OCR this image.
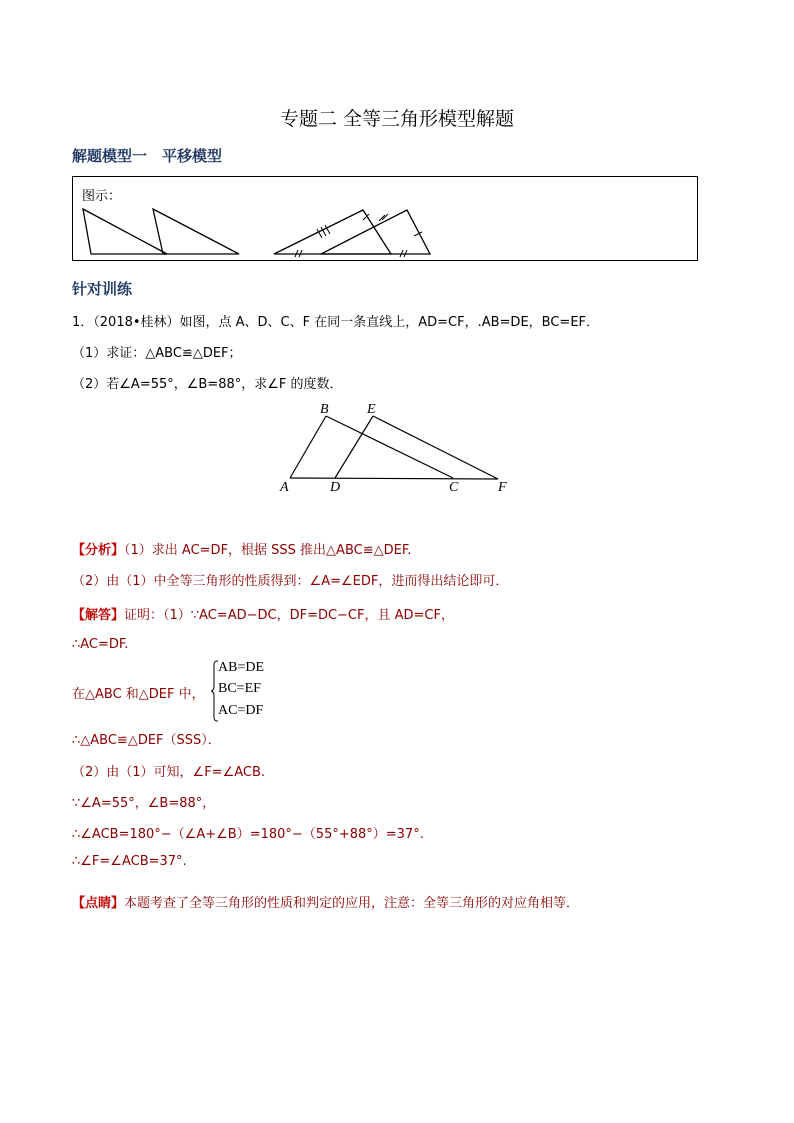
专题二 全等三角形模型解题
解题模型一　平移模型
图示：
针对训练
1．（2018•桂林）如图，点 A、D、C、F 在同一条直线上，AD=CF，.AB=DE，BC=EF．
（1）求证：△ABC≌△DEF；
（2）若∠A=55°，∠B=88°，求∠F 的度数．
B	E
A	D	C	F
【分析】（1）求出 AC=DF，根据 SSS 推出△ABC≌△DEF.
（2）由（1）中全等三角形的性质得到：∠A=∠EDF，进而得出结论即可．
【解答】证明：（1）∵AC=AD−DC，DF=DC−CF，且 AD=CF，
∴AC=DF.
在△ABC 和△DEF 中，
AB=DE
BC=EF
AC=DF
∴△ABC≌△DEF（SSS）．
（2）由（1）可知，∠F=∠ACB.
∵∠A=55°，∠B=88°，
∴∠ACB=180°−（∠A+∠B）=180°−（55°+88°）=37°.
∴∠F=∠ACB=37°.
【点睛】本题考查了全等三角形的性质和判定的应用，注意：全等三角形的对应角相等．
